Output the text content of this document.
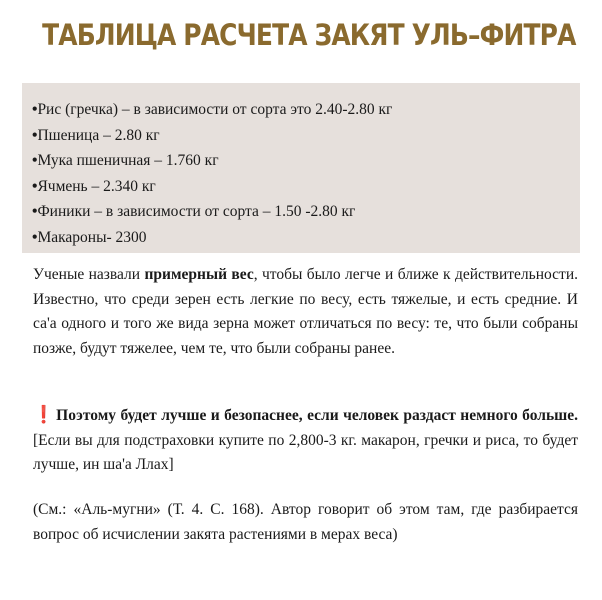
ТАБЛИЦА РАСЧЕТА ЗАКЯТ УЛЬ–ФИТРА
•Рис (гречка) – в зависимости от сорта это 2.40-2.80 кг
•Пшеница – 2.80 кг
•Мука пшеничная – 1.760 кг
•Ячмень – 2.340 кг
•Финики – в зависимости от сорта – 1.50 -2.80 кг
•Макароны- 2300

Ученые назвали примерный вес, чтобы было легче и ближе к действительности. Известно, что среди зерен есть легкие по весу, есть тяжелые, и есть средние. И са'а одного и того же вида зерна может отличаться по весу: те, что были собраны позже, будут тяжелее, чем те, что были собраны ранее.

❗ Поэтому будет лучше и безопаснее, если человек раздаст немного больше. [Если вы для подстраховки купите по 2,800-3 кг. макарон, гречки и риса, то будет лучше, ин ша'а Ллах]

(См.: «Аль-мугни» (Т. 4. С. 168). Автор говорит об этом там, где разбирается вопрос об исчислении закята растениями в мерах веса)
